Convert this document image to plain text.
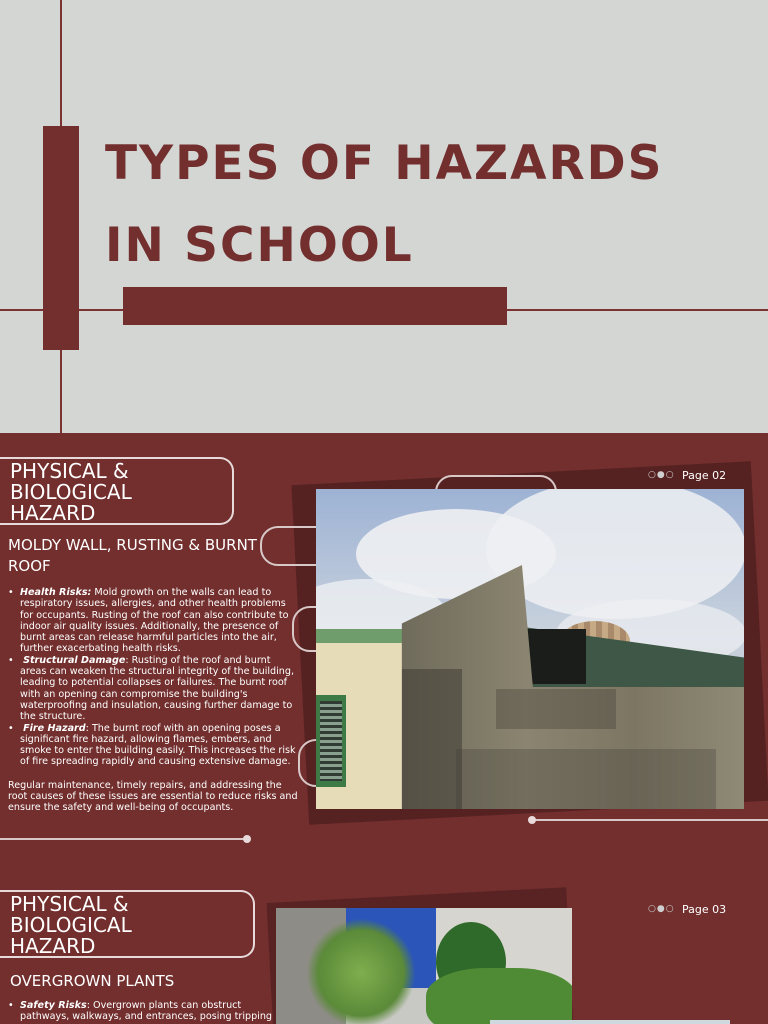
TYPES OF HAZARDS
IN SCHOOL
PHYSICAL &
BIOLOGICAL
HAZARD
MOLDY WALL, RUSTING & BURNT
ROOF
○●○ Page 02
• Health Risks: Mold growth on the walls can lead to respiratory issues, allergies, and other health problems for occupants. Rusting of the roof can also contribute to indoor air quality issues. Additionally, the presence of burnt areas can release harmful particles into the air, further exacerbating health risks.
• Structural Damage: Rusting of the roof and burnt areas can weaken the structural integrity of the building, leading to potential collapses or failures. The burnt roof with an opening can compromise the building's waterproofing and insulation, causing further damage to the structure.
• Fire Hazard: The burnt roof with an opening poses a significant fire hazard, allowing flames, embers, and smoke to enter the building easily. This increases the risk of fire spreading rapidly and causing extensive damage.

Regular maintenance, timely repairs, and addressing the root causes of these issues are essential to reduce risks and ensure the safety and well-being of occupants.

PHYSICAL &
BIOLOGICAL
HAZARD
OVERGROWN PLANTS
○●○ Page 03
• Safety Risks: Overgrown plants can obstruct
pathways, walkways, and entrances, posing tripping
